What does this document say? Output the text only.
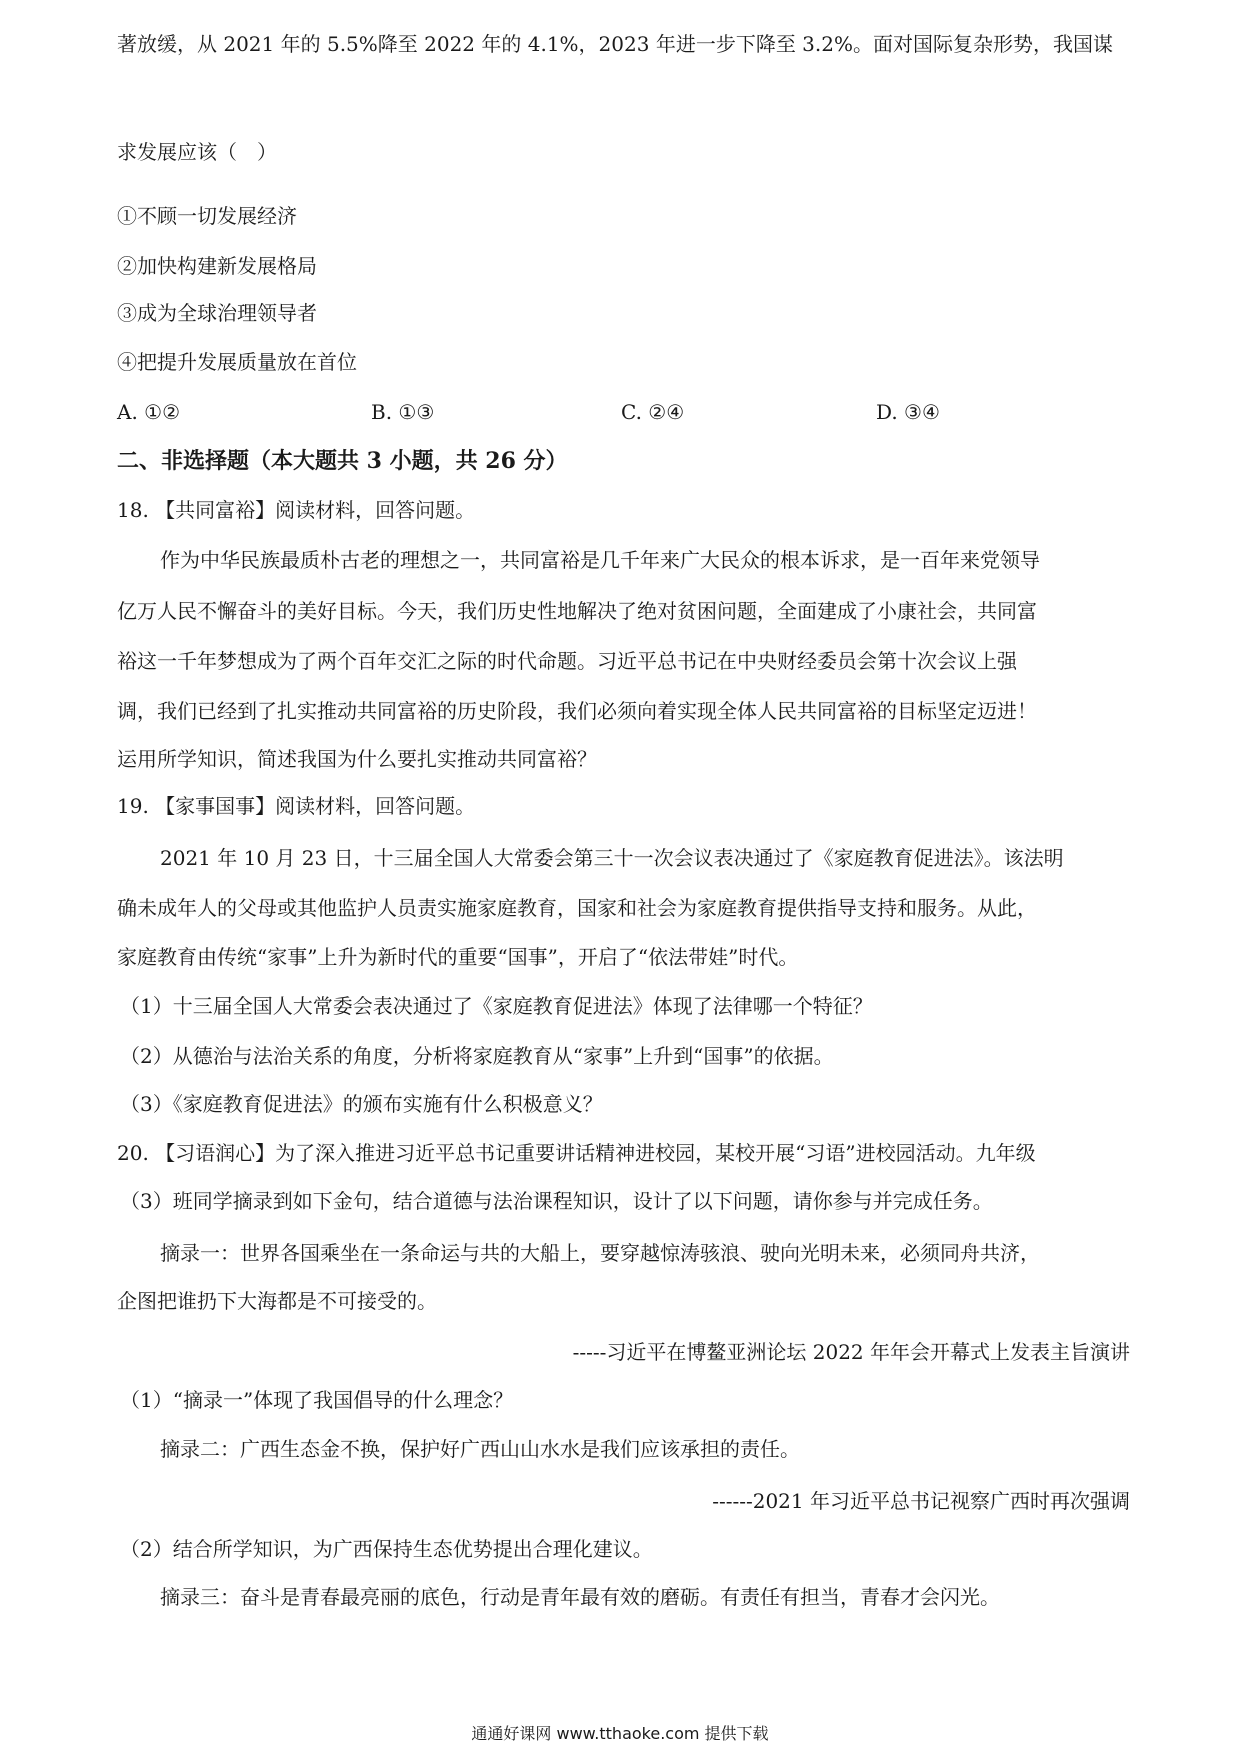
著放缓，从 2021 年的 5.5%降至 2022 年的 4.1%，2023 年进一步下降至 3.2%。面对国际复杂形势，我国谋
求发展应该（　）
①不顾一切发展经济
②加快构建新发展格局
③成为全球治理领导者
④把提升发展质量放在首位
A. ①②	B. ①③	C. ②④	D. ③④
二、非选择题（本大题共 3 小题，共 26 分）
18. 【共同富裕】阅读材料，回答问题。
作为中华民族最质朴古老的理想之一，共同富裕是几千年来广大民众的根本诉求，是一百年来党领导
亿万人民不懈奋斗的美好目标。今天，我们历史性地解决了绝对贫困问题，全面建成了小康社会，共同富
裕这一千年梦想成为了两个百年交汇之际的时代命题。习近平总书记在中央财经委员会第十次会议上强
调，我们已经到了扎实推动共同富裕的历史阶段，我们必须向着实现全体人民共同富裕的目标坚定迈进！
运用所学知识，简述我国为什么要扎实推动共同富裕？
19. 【家事国事】阅读材料，回答问题。
2021 年 10 月 23 日，十三届全国人大常委会第三十一次会议表决通过了《家庭教育促进法》。该法明
确未成年人的父母或其他监护人员责实施家庭教育，国家和社会为家庭教育提供指导支持和服务。从此，
家庭教育由传统“家事”上升为新时代的重要“国事”，开启了“依法带娃”时代。
（1）十三届全国人大常委会表决通过了《家庭教育促进法》体现了法律哪一个特征？
（2）从德治与法治关系的角度，分析将家庭教育从“家事”上升到“国事”的依据。
（3）《家庭教育促进法》的颁布实施有什么积极意义？
20. 【习语润心】为了深入推进习近平总书记重要讲话精神进校园，某校开展“习语”进校园活动。九年级
（3）班同学摘录到如下金句，结合道德与法治课程知识，设计了以下问题，请你参与并完成任务。
摘录一：世界各国乘坐在一条命运与共的大船上，要穿越惊涛骇浪、驶向光明未来，必须同舟共济，
企图把谁扔下大海都是不可接受的。
-----习近平在博鳌亚洲论坛 2022 年年会开幕式上发表主旨演讲
（1）“摘录一”体现了我国倡导的什么理念？
摘录二：广西生态金不换，保护好广西山山水水是我们应该承担的责任。
------2021 年习近平总书记视察广西时再次强调
（2）结合所学知识，为广西保持生态优势提出合理化建议。
摘录三：奋斗是青春最亮丽的底色，行动是青年最有效的磨砺。有责任有担当，青春才会闪光。
通通好课网 www.tthaoke.com 提供下载
